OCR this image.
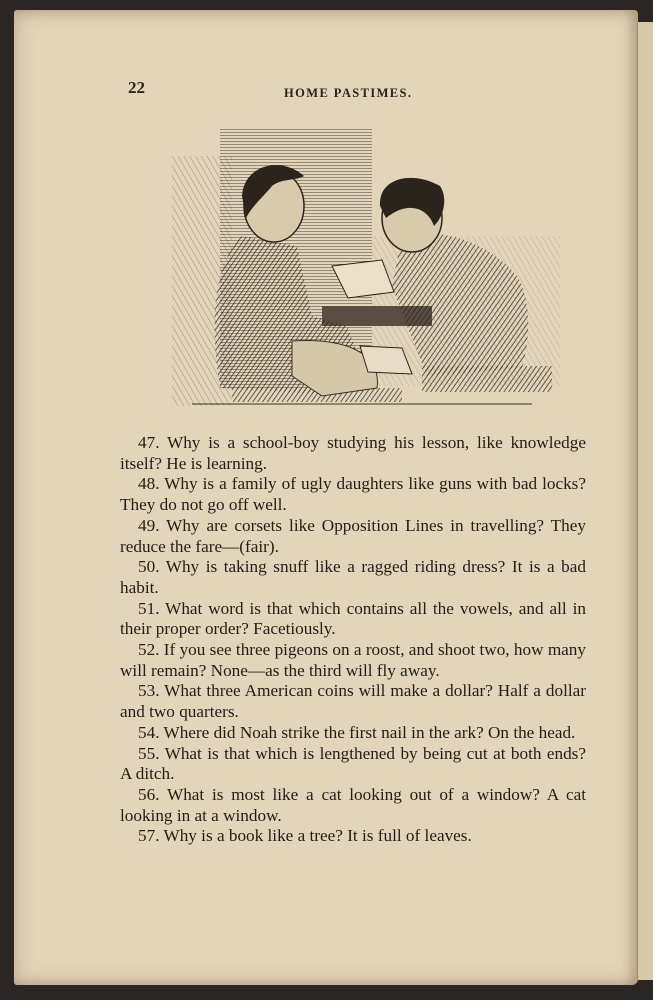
22	HOME PASTIMES.

47. Why is a school-boy studying his lesson, like knowledge itself? He is learning.

48. Why is a family of ugly daughters like guns with bad locks? They do not go off well.

49. Why are corsets like Opposition Lines in travelling? They reduce the fare—(fair).

50. Why is taking snuff like a ragged riding dress? It is a bad habit.

51. What word is that which contains all the vowels, and all in their proper order? Facetiously.

52. If you see three pigeons on a roost, and shoot two, how many will remain? None—as the third will fly away.

53. What three American coins will make a dollar? Half a dollar and two quarters.

54. Where did Noah strike the first nail in the ark? On the head.

55. What is that which is lengthened by being cut at both ends? A ditch.

56. What is most like a cat looking out of a window? A cat looking in at a window.

57. Why is a book like a tree? It is full of leaves.
